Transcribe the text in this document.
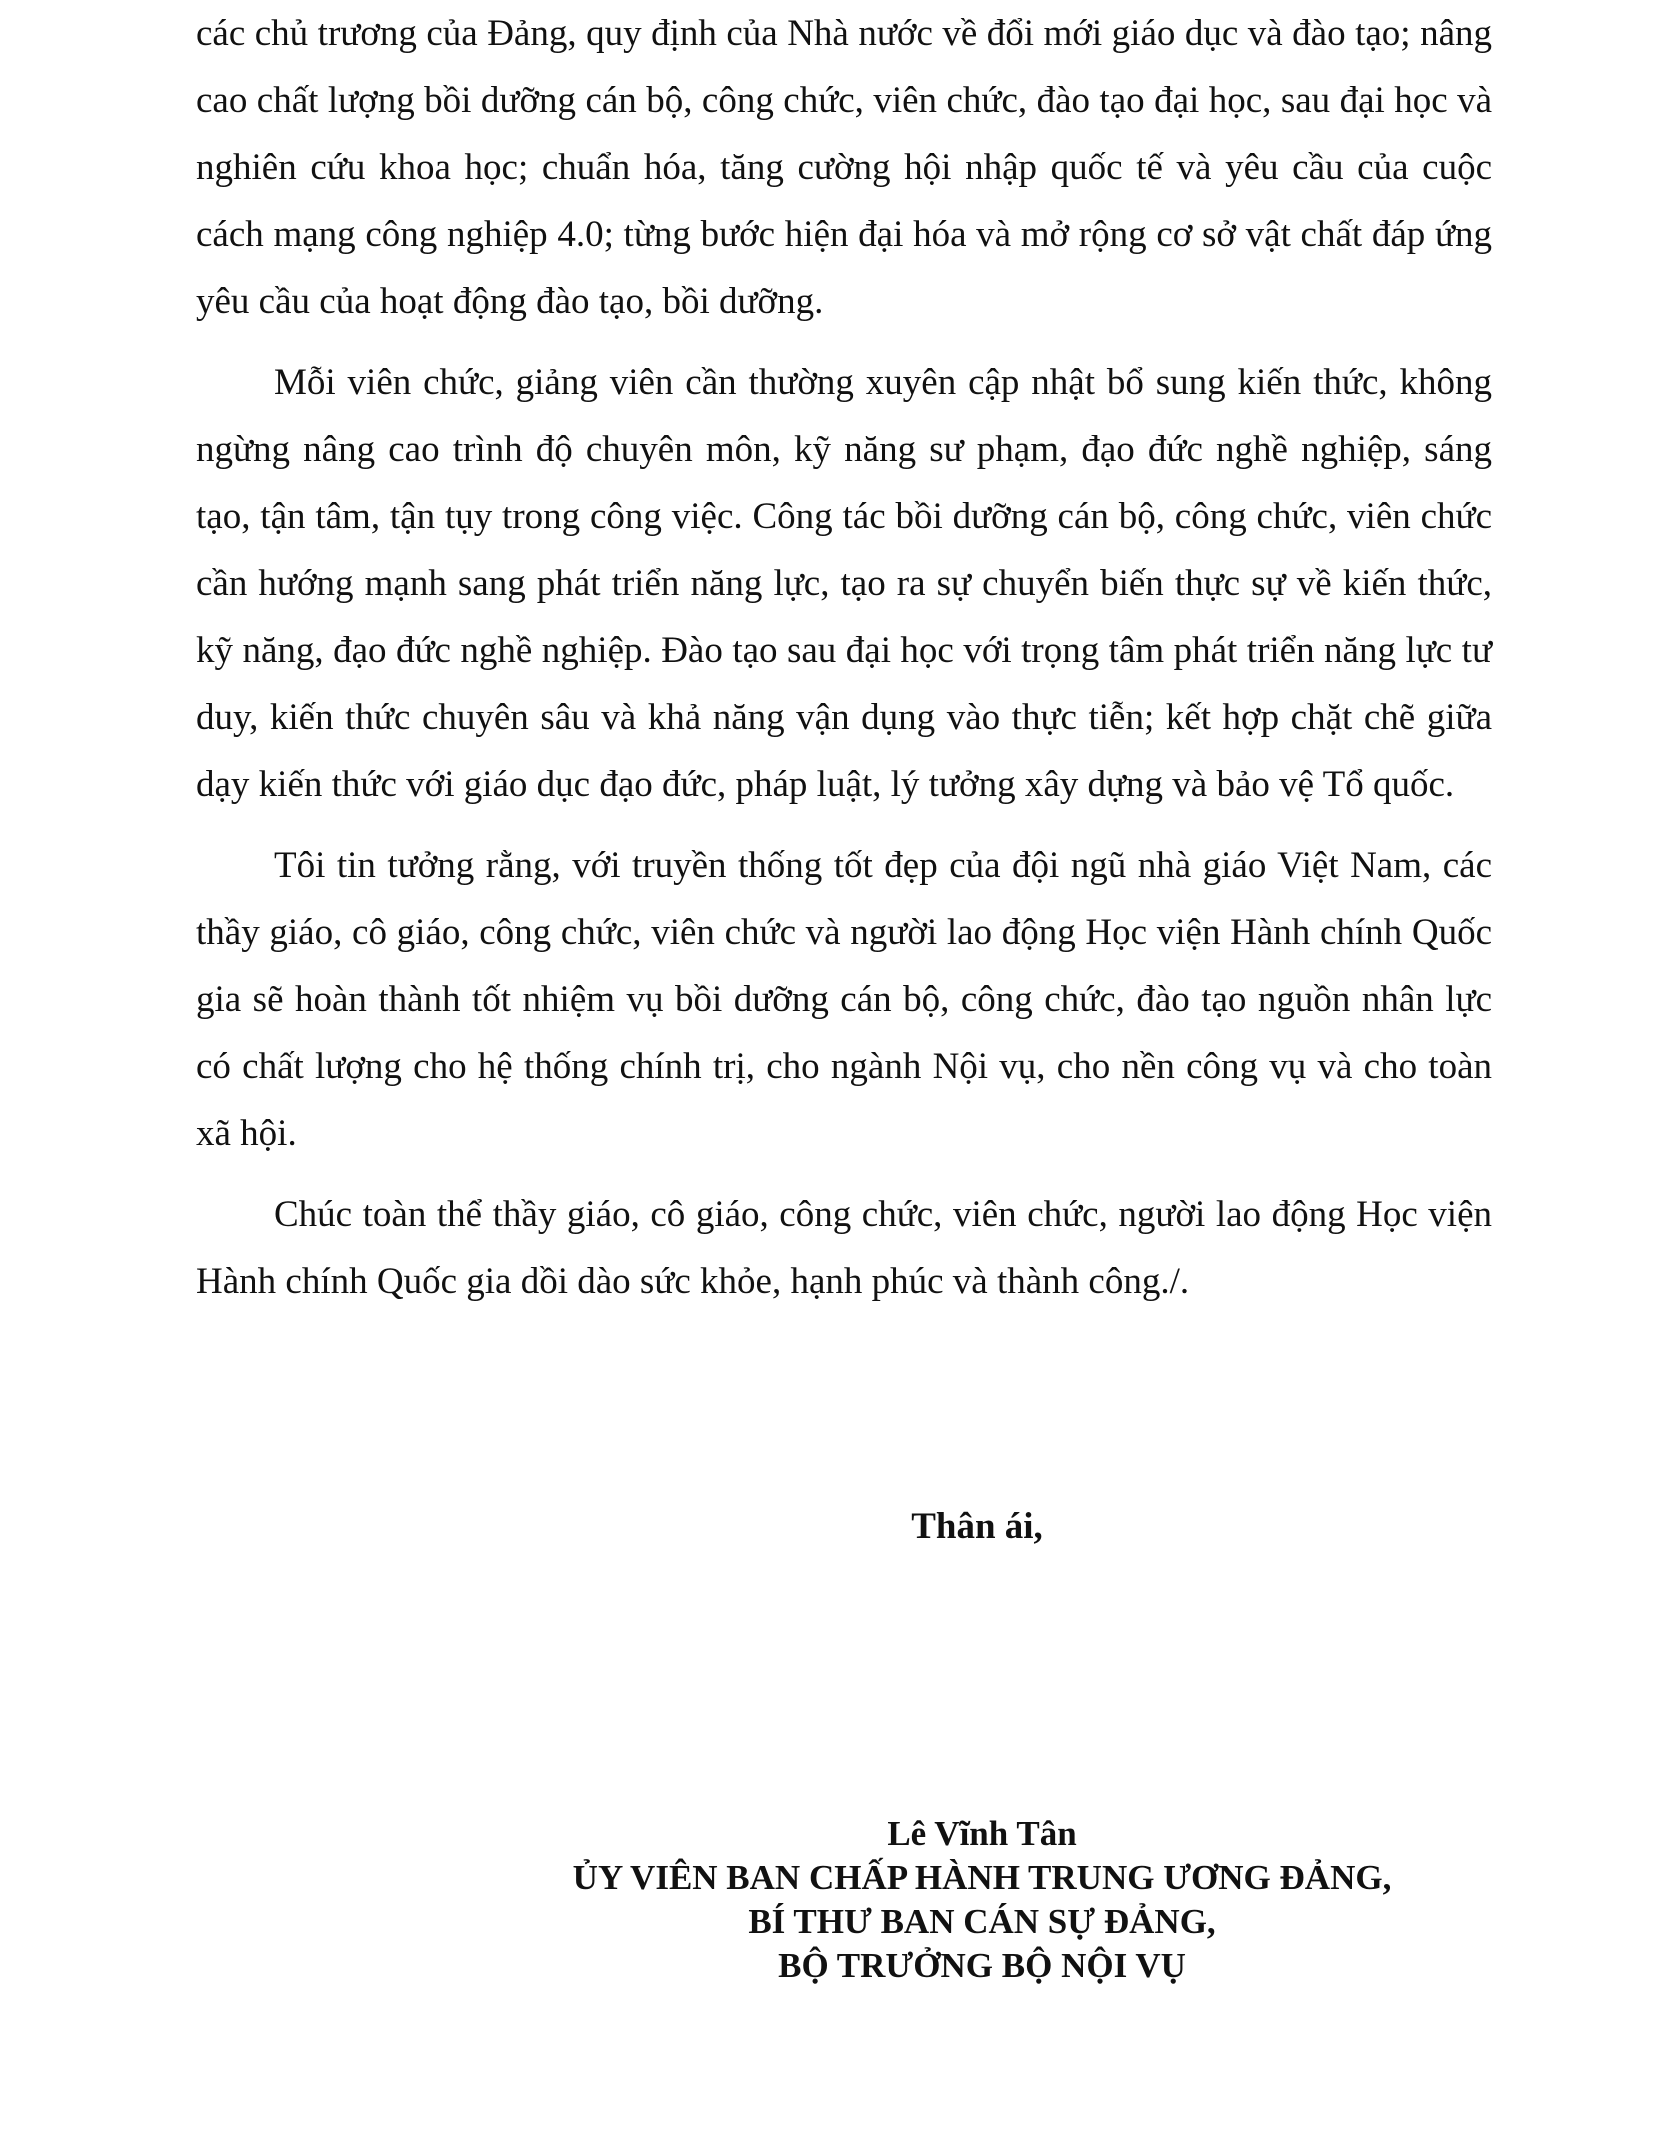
các chủ trương của Đảng, quy định của Nhà nước về đổi mới giáo dục và đào tạo; nâng cao chất lượng bồi dưỡng cán bộ, công chức, viên chức, đào tạo đại học, sau đại học và nghiên cứu khoa học; chuẩn hóa, tăng cường hội nhập quốc tế và yêu cầu của cuộc cách mạng công nghiệp 4.0; từng bước hiện đại hóa và mở rộng cơ sở vật chất đáp ứng yêu cầu của hoạt động đào tạo, bồi dưỡng.

Mỗi viên chức, giảng viên cần thường xuyên cập nhật bổ sung kiến thức, không ngừng nâng cao trình độ chuyên môn, kỹ năng sư phạm, đạo đức nghề nghiệp, sáng tạo, tận tâm, tận tụy trong công việc. Công tác bồi dưỡng cán bộ, công chức, viên chức cần hướng mạnh sang phát triển năng lực, tạo ra sự chuyển biến thực sự về kiến thức, kỹ năng, đạo đức nghề nghiệp. Đào tạo sau đại học với trọng tâm phát triển năng lực tư duy, kiến thức chuyên sâu và khả năng vận dụng vào thực tiễn; kết hợp chặt chẽ giữa dạy kiến thức với giáo dục đạo đức, pháp luật, lý tưởng xây dựng và bảo vệ Tổ quốc.

Tôi tin tưởng rằng, với truyền thống tốt đẹp của đội ngũ nhà giáo Việt Nam, các thầy giáo, cô giáo, công chức, viên chức và người lao động Học viện Hành chính Quốc gia sẽ hoàn thành tốt nhiệm vụ bồi dưỡng cán bộ, công chức, đào tạo nguồn nhân lực có chất lượng cho hệ thống chính trị, cho ngành Nội vụ, cho nền công vụ và cho toàn xã hội.

Chúc toàn thể thầy giáo, cô giáo, công chức, viên chức, người lao động Học viện Hành chính Quốc gia dồi dào sức khỏe, hạnh phúc và thành công./.

Thân ái,
Lê Vĩnh Tân
ỦY VIÊN BAN CHẤP HÀNH TRUNG ƯƠNG ĐẢNG,
BÍ THƯ BAN CÁN SỰ ĐẢNG,
BỘ TRƯỞNG BỘ NỘI VỤ
